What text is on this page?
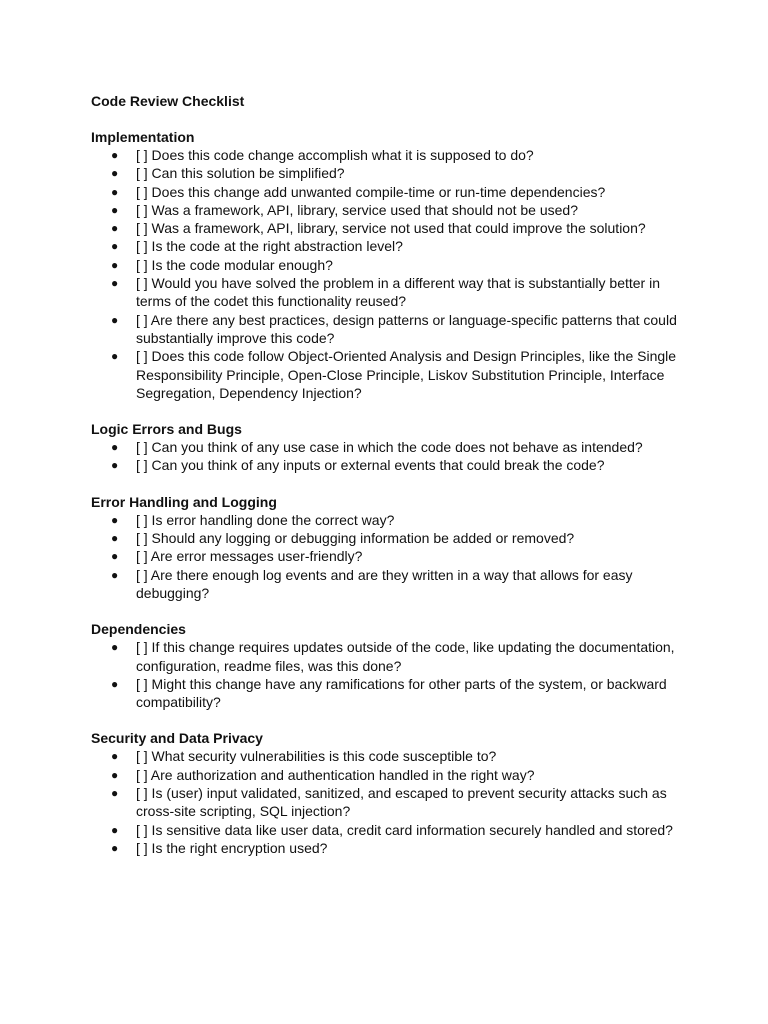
Code Review Checklist

Implementation

● [ ] Does this code change accomplish what it is supposed to do?
● [ ] Can this solution be simplified?
● [ ] Does this change add unwanted compile-time or run-time dependencies?
● [ ] Was a framework, API, library, service used that should not be used?
● [ ] Was a framework, API, library, service not used that could improve the solution?
● [ ] Is the code at the right abstraction level?
● [ ] Is the code modular enough?
● [ ] Would you have solved the problem in a different way that is substantially better in terms of the codet this functionality reused?
● [ ] Are there any best practices, design patterns or language-specific patterns that could substantially improve this code?
● [ ] Does this code follow Object-Oriented Analysis and Design Principles, like the Single Responsibility Principle, Open-Close Principle, Liskov Substitution Principle, Interface Segregation, Dependency Injection?

Logic Errors and Bugs

● [ ] Can you think of any use case in which the code does not behave as intended?
● [ ] Can you think of any inputs or external events that could break the code?

Error Handling and Logging

● [ ] Is error handling done the correct way?
● [ ] Should any logging or debugging information be added or removed?
● [ ] Are error messages user-friendly?
● [ ] Are there enough log events and are they written in a way that allows for easy debugging?

Dependencies

● [ ] If this change requires updates outside of the code, like updating the documentation, configuration, readme files, was this done?
● [ ] Might this change have any ramifications for other parts of the system, or backward compatibility?

Security and Data Privacy

● [ ] What security vulnerabilities is this code susceptible to?
● [ ] Are authorization and authentication handled in the right way?
● [ ] Is (user) input validated, sanitized, and escaped to prevent security attacks such as cross-site scripting, SQL injection?
● [ ] Is sensitive data like user data, credit card information securely handled and stored?
● [ ] Is the right encryption used?
